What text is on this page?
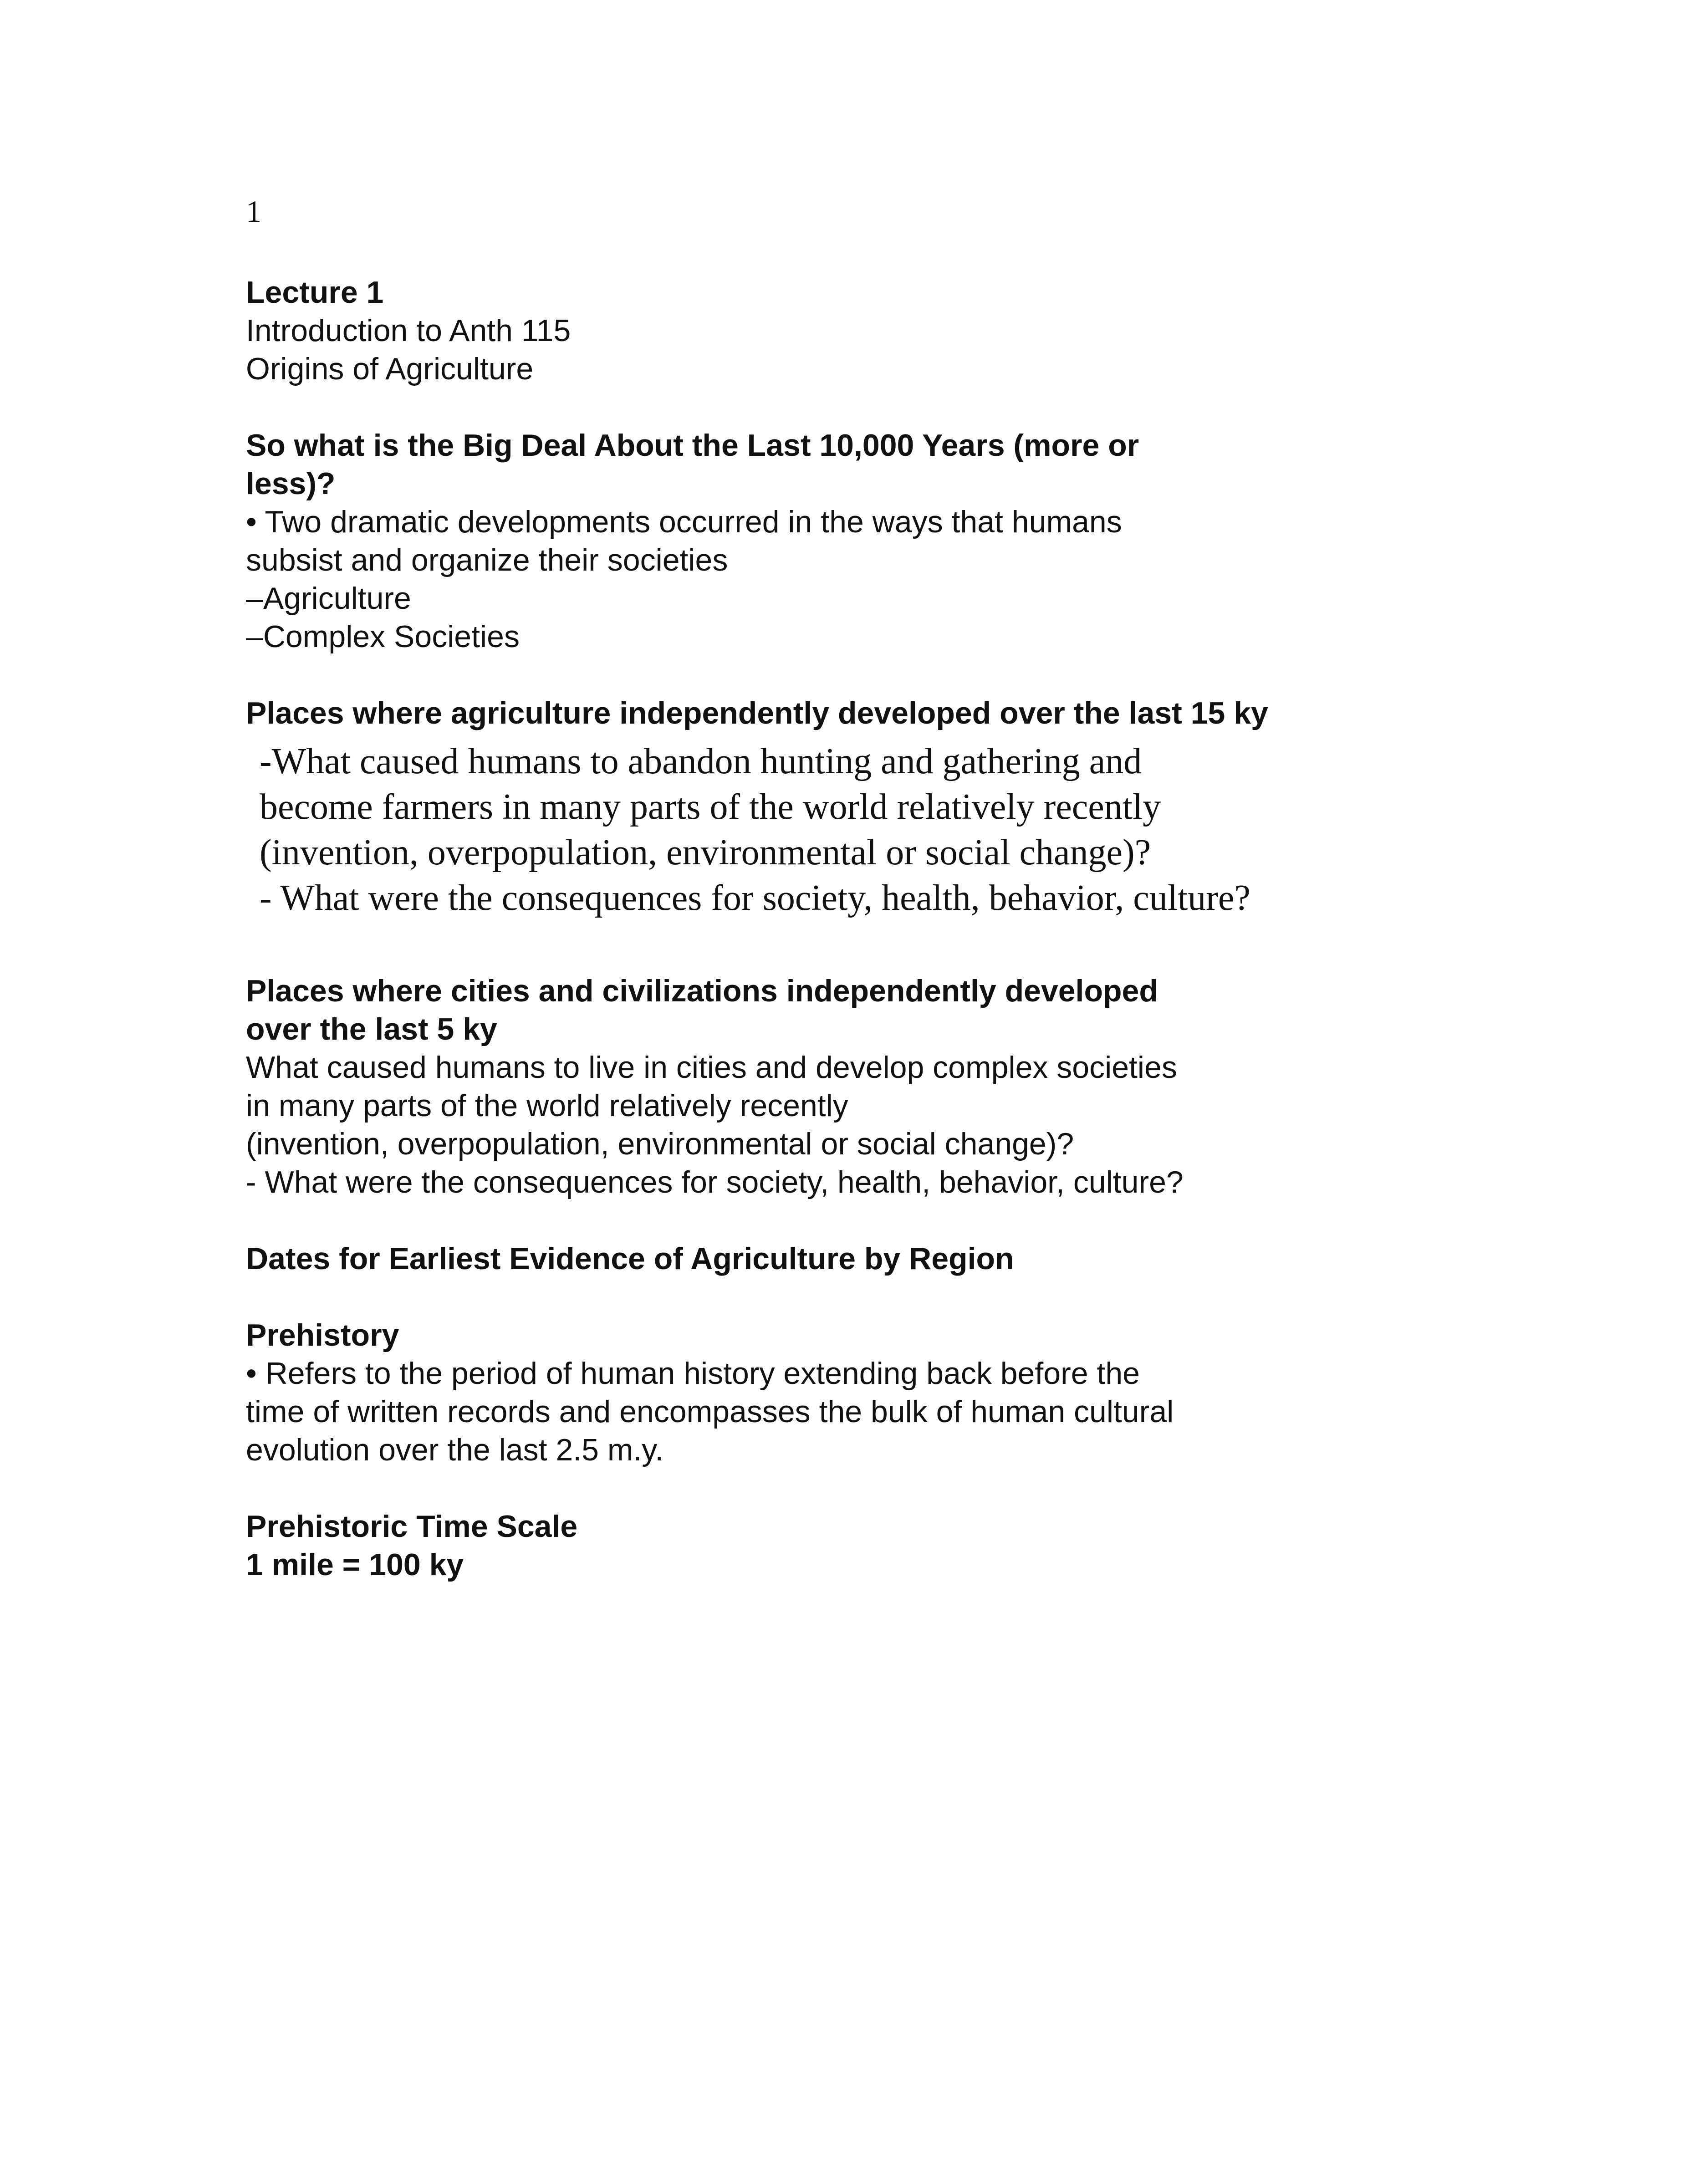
1
Lecture 1
Introduction to Anth 115
Origins of Agriculture
So what is the Big Deal About the Last 10,000 Years (more or
less)?
• Two dramatic developments occurred in the ways that humans
subsist and organize their societies
–Agriculture
–Complex Societies
Places where agriculture independently developed over the last 15 ky
-What caused humans to abandon hunting and gathering and
become farmers in many parts of the world relatively recently
(invention, overpopulation, environmental or social change)?
- What were the consequences for society, health, behavior, culture?
Places where cities and civilizations independently developed
over the last 5 ky
What caused humans to live in cities and develop complex societies
in many parts of the world relatively recently
(invention, overpopulation, environmental or social change)?
- What were the consequences for society, health, behavior, culture?
Dates for Earliest Evidence of Agriculture by Region
Prehistory
• Refers to the period of human history extending back before the
time of written records and encompasses the bulk of human cultural
evolution over the last 2.5 m.y.
Prehistoric Time Scale
1 mile = 100 ky
